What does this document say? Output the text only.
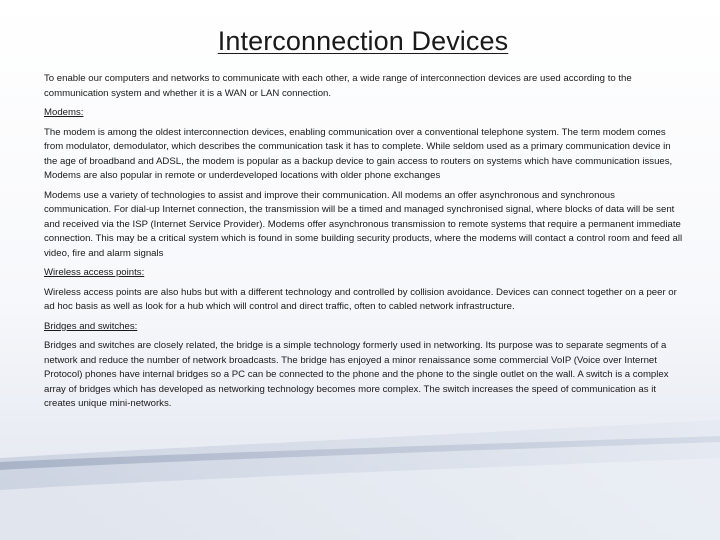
Interconnection Devices

To enable our computers and networks to communicate with each other, a wide range of interconnection devices are used according to the communication system and whether it is a WAN or LAN connection.

Modems:

The modem is among the oldest interconnection devices, enabling communication over a conventional telephone system. The term modem comes from modulator, demodulator, which describes the communication task it has to complete. While seldom used as a primary communication device in the age of broadband and ADSL, the modem is popular as a backup device to gain access to routers on systems which have communication issues, Modems are also popular in remote or underdeveloped locations with older phone exchanges

Modems use a variety of technologies to assist and improve their communication. All modems an offer asynchronous and synchronous communication. For dial-up Internet connection, the transmission will be a timed and managed synchronised signal, where blocks of data will be sent and received via the ISP (Internet Service Provider). Modems offer asynchronous transmission to remote systems that require a permanent immediate connection. This may be a critical system which is found in some building security products, where the modems will contact a control room and feed all video, fire and alarm signals

Wireless access points:

Wireless access points are also hubs but with a different technology and controlled by collision avoidance. Devices can connect together on a peer or ad hoc basis as well as look for a hub which will control and direct traffic, often to cabled network infrastructure.

Bridges and switches:

Bridges and switches are closely related, the bridge is a simple technology formerly used in networking. Its purpose was to separate segments of a network and reduce the number of network broadcasts. The bridge has enjoyed a minor renaissance some commercial VoIP (Voice over Internet Protocol) phones have internal bridges so a PC can be connected to the phone and the phone to the single outlet on the wall. A switch is a complex array of bridges which has developed as networking technology becomes more complex. The switch increases the speed of communication as it creates unique mini-networks.
